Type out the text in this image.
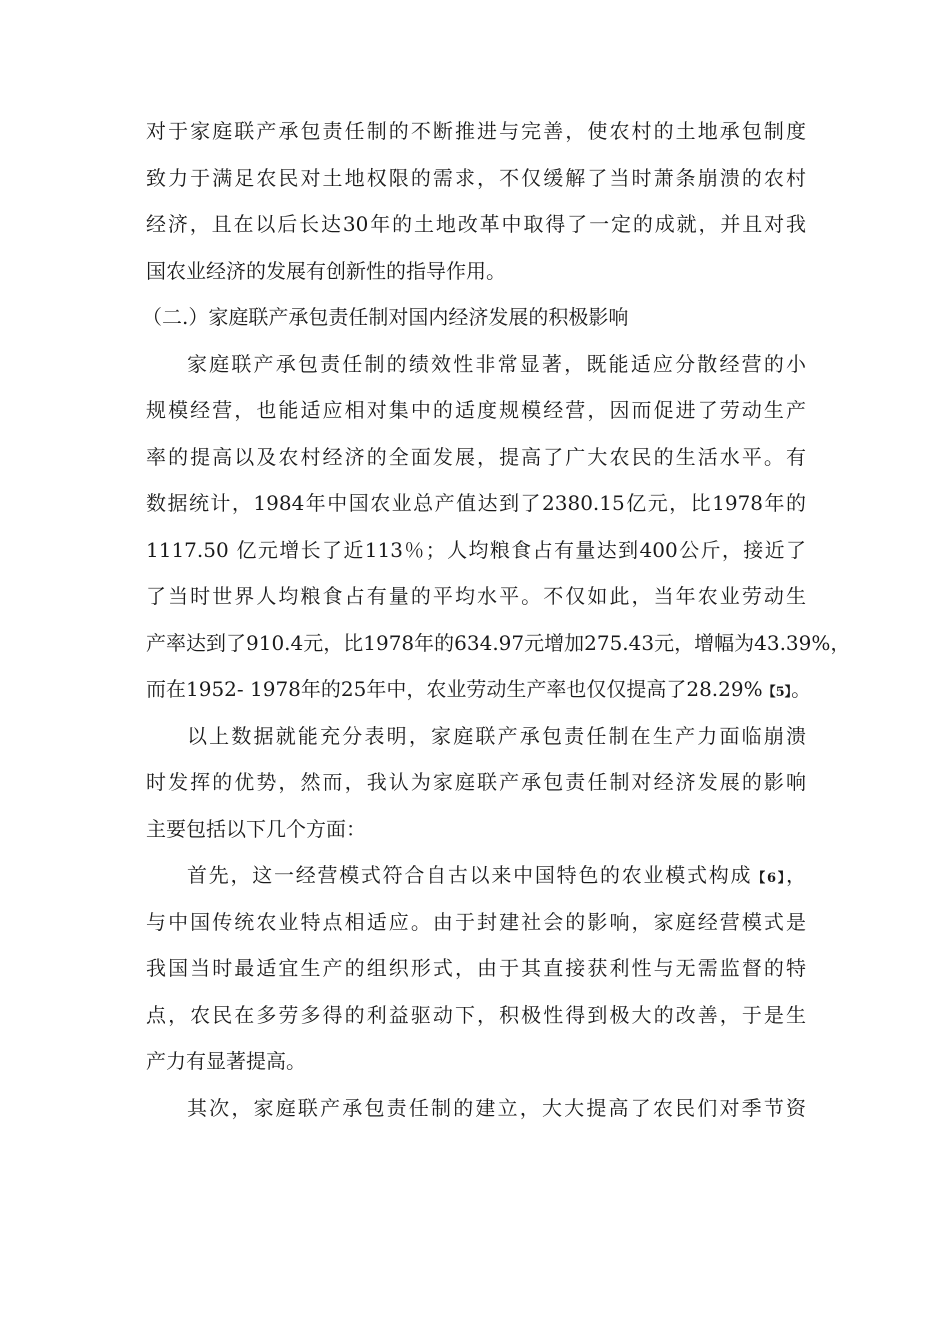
对于家庭联产承包责任制的不断推进与完善，使农村的土地承包制度
致力于满足农民对土地权限的需求，不仅缓解了当时萧条崩溃的农村
经济，且在以后长达30年的土地改革中取得了一定的成就，并且对我
国农业经济的发展有创新性的指导作用。
（二.）家庭联产承包责任制对国内经济发展的积极影响
家庭联产承包责任制的绩效性非常显著，既能适应分散经营的小
规模经营，也能适应相对集中的适度规模经营，因而促进了劳动生产
率的提高以及农村经济的全面发展，提高了广大农民的生活水平。有
数据统计，1984年中国农业总产值达到了2380.15亿元，比1978年的
1117.50 亿元增长了近113％；人均粮食占有量达到400公斤，接近了
了当时世界人均粮食占有量的平均水平。不仅如此，当年农业劳动生
产率达到了910.4元，比1978年的634.97元增加275.43元，增幅为43.39%，
而在1952- 1978年的25年中，农业劳动生产率也仅仅提高了28.29%【5】。
以上数据就能充分表明，家庭联产承包责任制在生产力面临崩溃
时发挥的优势，然而，我认为家庭联产承包责任制对经济发展的影响
主要包括以下几个方面：
首先，这一经营模式符合自古以来中国特色的农业模式构成【6】，
与中国传统农业特点相适应。由于封建社会的影响，家庭经营模式是
我国当时最适宜生产的组织形式，由于其直接获利性与无需监督的特
点，农民在多劳多得的利益驱动下，积极性得到极大的改善，于是生
产力有显著提高。
其次，家庭联产承包责任制的建立，大大提高了农民们对季节资
